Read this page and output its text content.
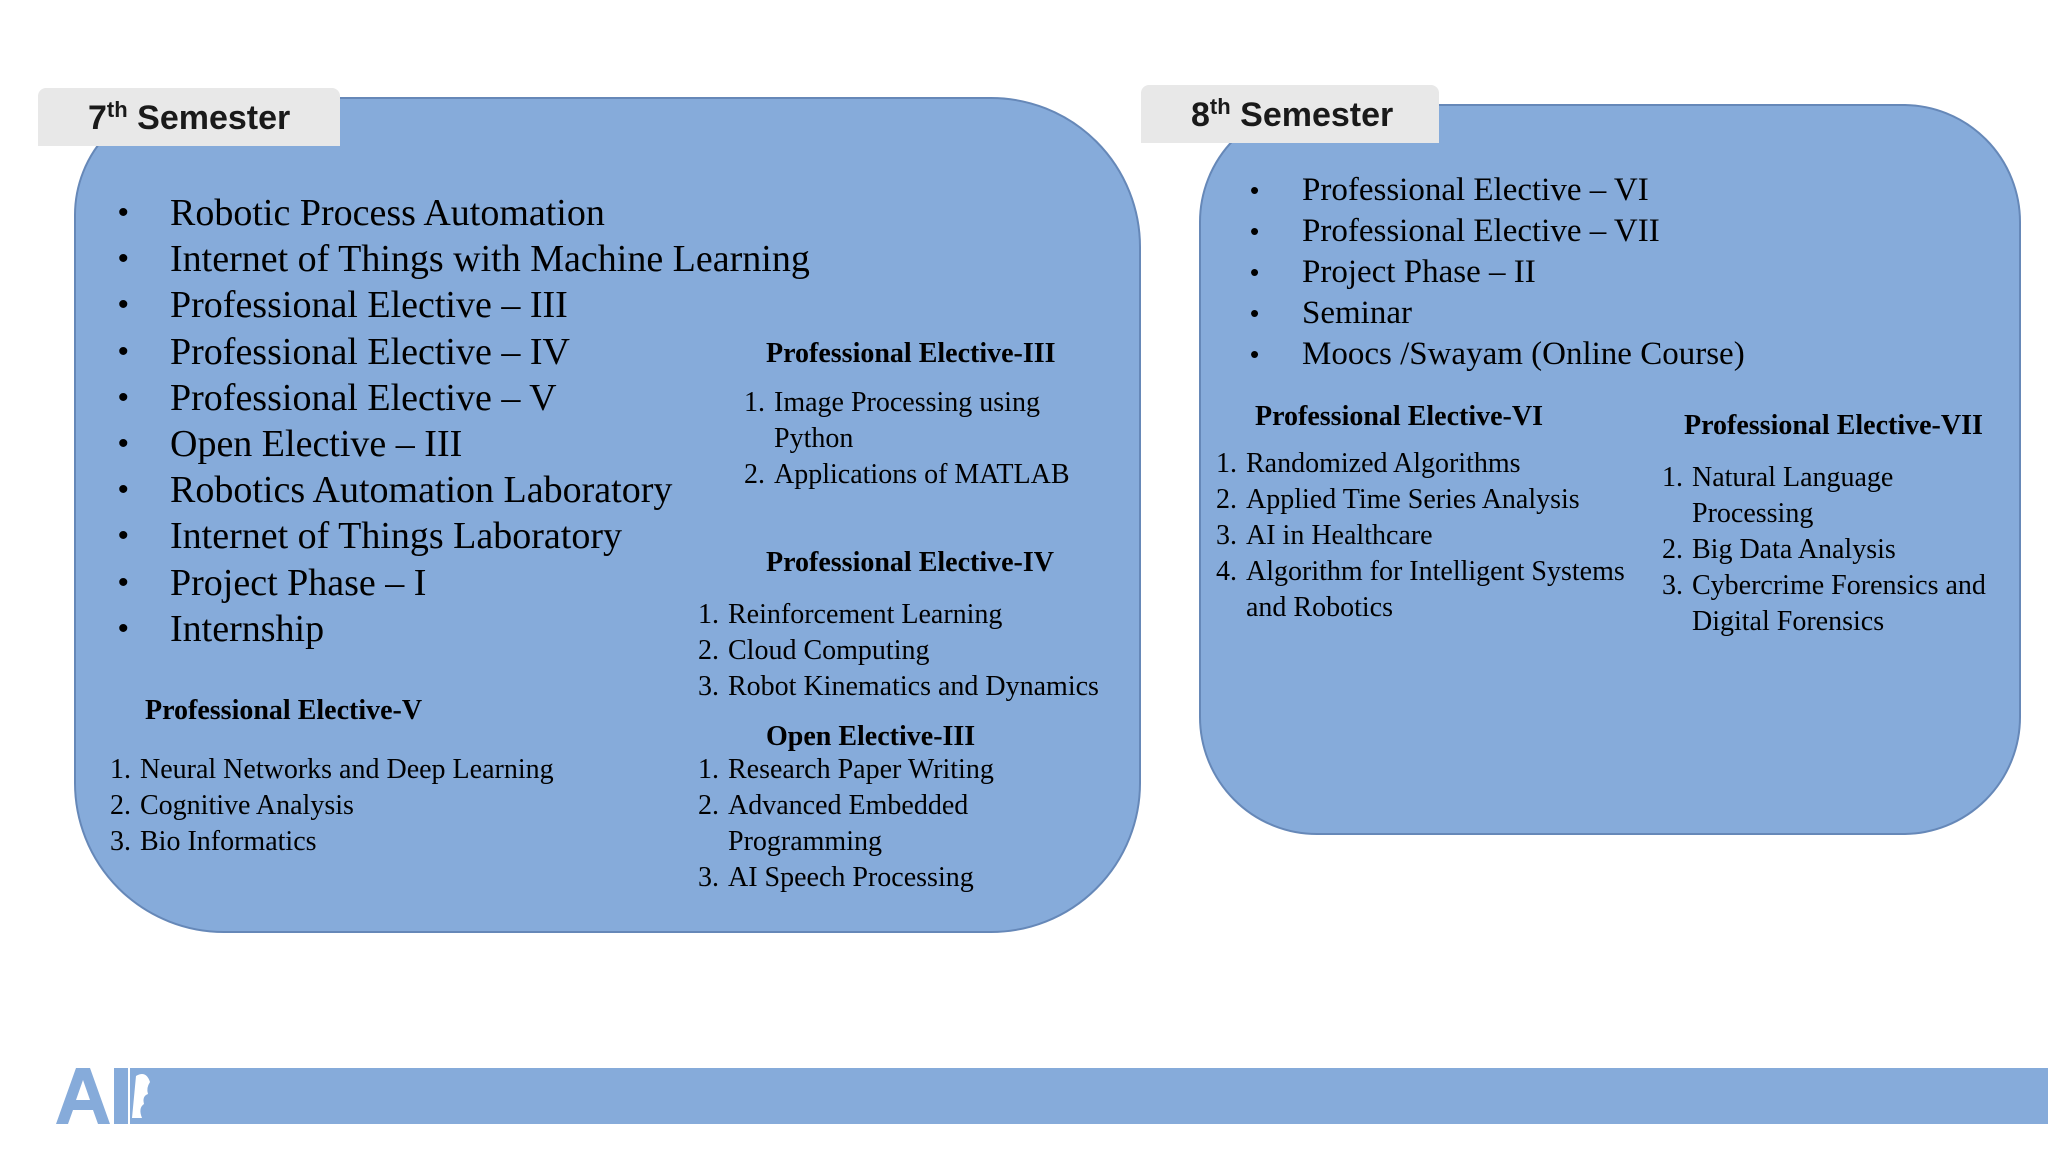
7th Semester
• Robotic Process Automation
• Internet of Things with Machine Learning
• Professional Elective – III
• Professional Elective – IV
• Professional Elective – V
• Open Elective – III
• Robotics Automation Laboratory
• Internet of Things Laboratory
• Project Phase – I
• Internship
Professional Elective-III
1. Image Processing using Python
2. Applications of MATLAB
Professional Elective-IV
1. Reinforcement Learning
2. Cloud Computing
3. Robot Kinematics and Dynamics
Open Elective-III
1. Research Paper Writing
2. Advanced Embedded Programming
3. AI Speech Processing
Professional Elective-V
1. Neural Networks and Deep Learning
2. Cognitive Analysis
3. Bio Informatics
8th Semester
• Professional Elective – VI
• Professional Elective – VII
• Project Phase – II
• Seminar
• Moocs /Swayam (Online Course)
Professional Elective-VI
1. Randomized Algorithms
2. Applied Time Series Analysis
3. AI in Healthcare
4. Algorithm for Intelligent Systems and Robotics
Professional Elective-VII
1. Natural Language Processing
2. Big Data Analysis
3. Cybercrime Forensics and Digital Forensics
